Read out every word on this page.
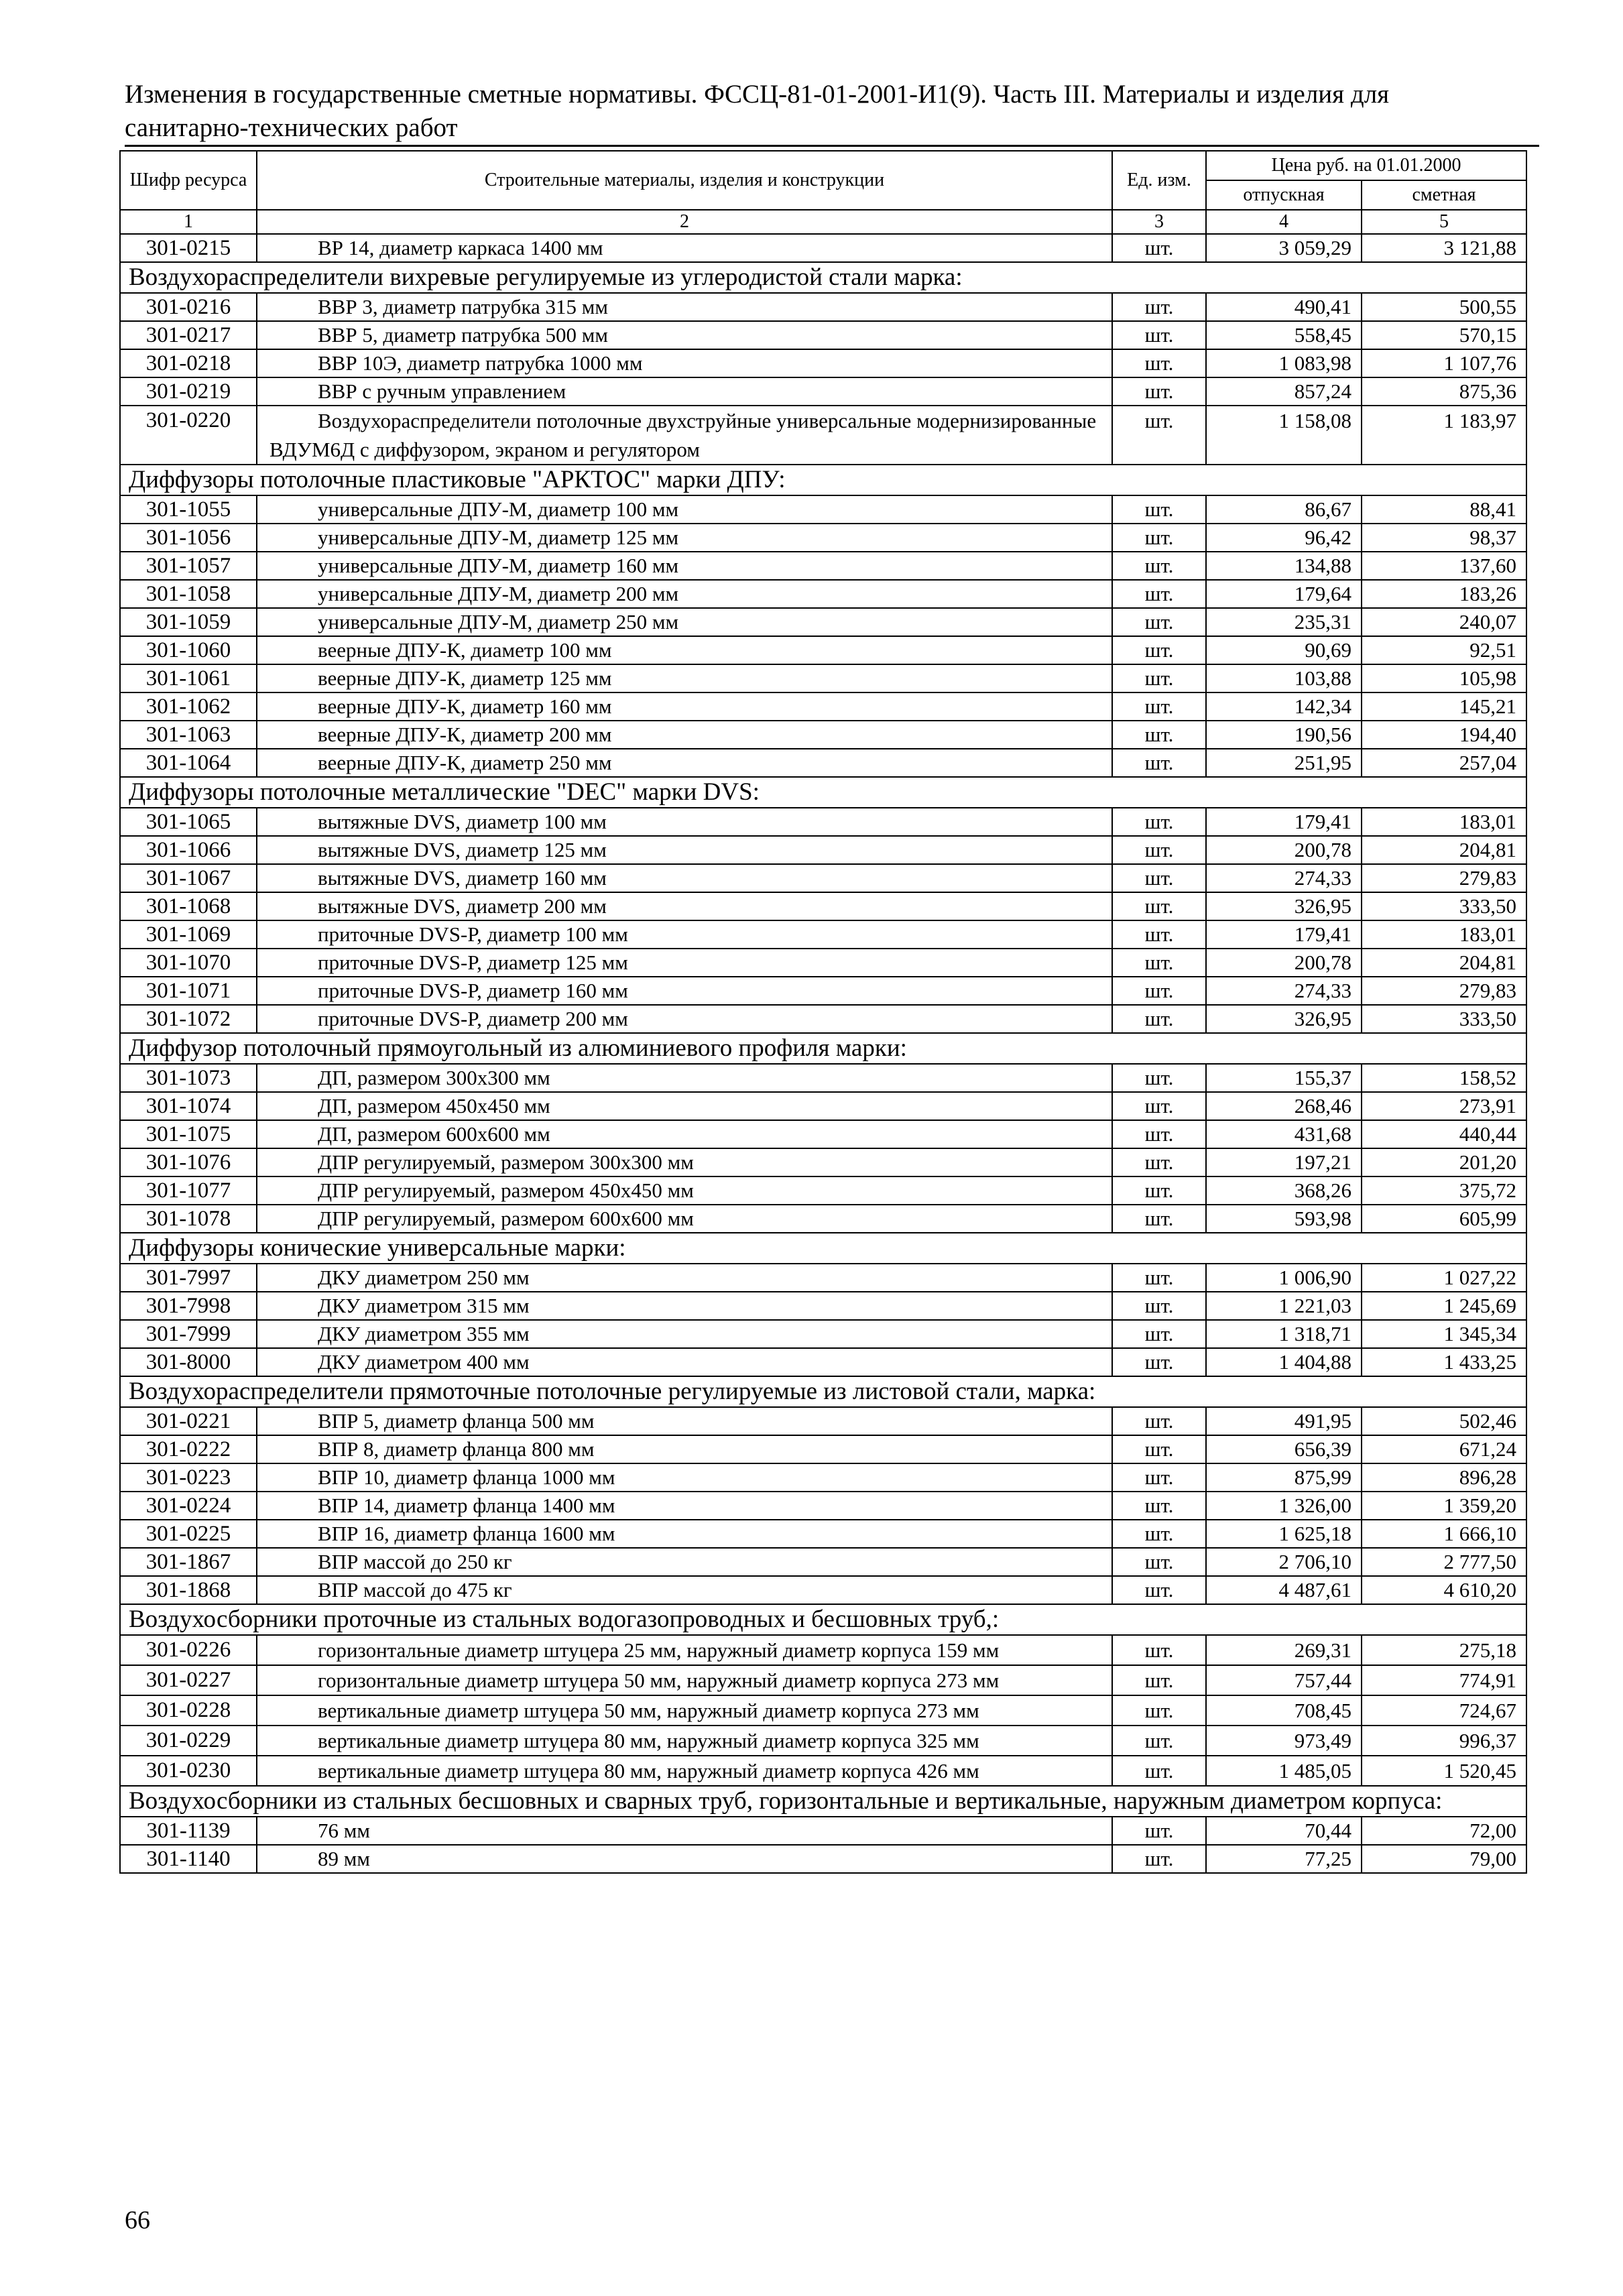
Изменения в государственные сметные нормативы. ФССЦ-81-01-2001-И1(9). Часть III. Материалы и изделия для санитарно-технических работ
Шифр ресурса	Строительные материалы, изделия и конструкции	Ед. изм.	Цена руб. на 01.01.2000	
			отпускная	сметная
1	2	3	4	5
301-0215	ВР 14, диаметр каркаса 1400 мм	шт.	3 059,29	3 121,88
Воздухораспределители вихревые регулируемые из углеродистой стали марка:				
301-0216	ВВР 3, диаметр патрубка 315 мм	шт.	490,41	500,55
301-0217	ВВР 5, диаметр патрубка 500 мм	шт.	558,45	570,15
301-0218	ВВР 10Э, диаметр патрубка 1000 мм	шт.	1 083,98	1 107,76
301-0219	ВВР с ручным управлением	шт.	857,24	875,36
301-0220	Воздухораспределители потолочные двухструйные универсальные модернизированные ВДУМ6Д с диффузором, экраном и регулятором	шт.	1 158,08	1 183,97
Диффузоры потолочные пластиковые "АРКТОС" марки ДПУ:				
301-1055	универсальные ДПУ-М, диаметр 100 мм	шт.	86,67	88,41
301-1056	универсальные ДПУ-М, диаметр 125 мм	шт.	96,42	98,37
301-1057	универсальные ДПУ-М, диаметр 160 мм	шт.	134,88	137,60
301-1058	универсальные ДПУ-М, диаметр 200 мм	шт.	179,64	183,26
301-1059	универсальные ДПУ-М, диаметр 250 мм	шт.	235,31	240,07
301-1060	веерные ДПУ-К, диаметр 100 мм	шт.	90,69	92,51
301-1061	веерные ДПУ-К, диаметр 125 мм	шт.	103,88	105,98
301-1062	веерные ДПУ-К, диаметр 160 мм	шт.	142,34	145,21
301-1063	веерные ДПУ-К, диаметр 200 мм	шт.	190,56	194,40
301-1064	веерные ДПУ-К, диаметр 250 мм	шт.	251,95	257,04
Диффузоры потолочные металлические "DEC" марки DVS:				
301-1065	вытяжные DVS, диаметр 100 мм	шт.	179,41	183,01
301-1066	вытяжные DVS, диаметр 125 мм	шт.	200,78	204,81
301-1067	вытяжные DVS, диаметр 160 мм	шт.	274,33	279,83
301-1068	вытяжные DVS, диаметр 200 мм	шт.	326,95	333,50
301-1069	приточные DVS-P, диаметр 100 мм	шт.	179,41	183,01
301-1070	приточные DVS-P, диаметр 125 мм	шт.	200,78	204,81
301-1071	приточные DVS-P, диаметр 160 мм	шт.	274,33	279,83
301-1072	приточные DVS-P, диаметр 200 мм	шт.	326,95	333,50
Диффузор потолочный прямоугольный из алюминиевого профиля марки:				
301-1073	ДП, размером 300х300 мм	шт.	155,37	158,52
301-1074	ДП, размером 450х450 мм	шт.	268,46	273,91
301-1075	ДП, размером 600х600 мм	шт.	431,68	440,44
301-1076	ДПР регулируемый, размером 300х300 мм	шт.	197,21	201,20
301-1077	ДПР регулируемый, размером 450х450 мм	шт.	368,26	375,72
301-1078	ДПР регулируемый, размером 600х600 мм	шт.	593,98	605,99
Диффузоры конические универсальные марки:				
301-7997	ДКУ диаметром 250 мм	шт.	1 006,90	1 027,22
301-7998	ДКУ диаметром 315 мм	шт.	1 221,03	1 245,69
301-7999	ДКУ диаметром 355 мм	шт.	1 318,71	1 345,34
301-8000	ДКУ диаметром 400 мм	шт.	1 404,88	1 433,25
Воздухораспределители прямоточные потолочные регулируемые из листовой стали, марка:				
301-0221	ВПР 5, диаметр фланца 500 мм	шт.	491,95	502,46
301-0222	ВПР 8, диаметр фланца 800 мм	шт.	656,39	671,24
301-0223	ВПР 10, диаметр фланца 1000 мм	шт.	875,99	896,28
301-0224	ВПР 14, диаметр фланца 1400 мм	шт.	1 326,00	1 359,20
301-0225	ВПР 16, диаметр фланца 1600 мм	шт.	1 625,18	1 666,10
301-1867	ВПР массой до 250 кг	шт.	2 706,10	2 777,50
301-1868	ВПР массой до 475 кг	шт.	4 487,61	4 610,20
Воздухосборники проточные из стальных водогазопроводных и бесшовных труб,:				
301-0226	горизонтальные диаметр штуцера 25 мм, наружный диаметр корпуса 159 мм	шт.	269,31	275,18
301-0227	горизонтальные диаметр штуцера 50 мм, наружный диаметр корпуса 273 мм	шт.	757,44	774,91
301-0228	вертикальные диаметр штуцера 50 мм, наружный диаметр корпуса 273 мм	шт.	708,45	724,67
301-0229	вертикальные диаметр штуцера 80 мм, наружный диаметр корпуса 325 мм	шт.	973,49	996,37
301-0230	вертикальные диаметр штуцера 80 мм, наружный диаметр корпуса 426 мм	шт.	1 485,05	1 520,45
Воздухосборники из стальных бесшовных и сварных труб, горизонтальные и вертикальные, наружным диаметром корпуса:				
301-1139	76 мм	шт.	70,44	72,00
301-1140	89 мм	шт.	77,25	79,00
66
